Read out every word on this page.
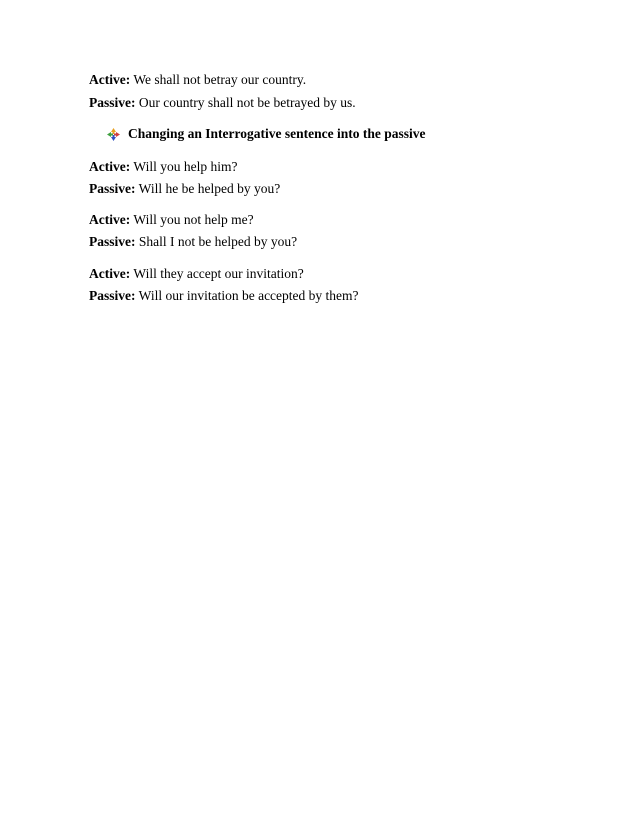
Active: We shall not betray our country.
Passive: Our country shall not be betrayed by us.
Changing an Interrogative sentence into the passive
Active: Will you help him?
Passive: Will he be helped by you?
Active: Will you not help me?
Passive: Shall I not be helped by you?
Active: Will they accept our invitation?
Passive: Will our invitation be accepted by them?
